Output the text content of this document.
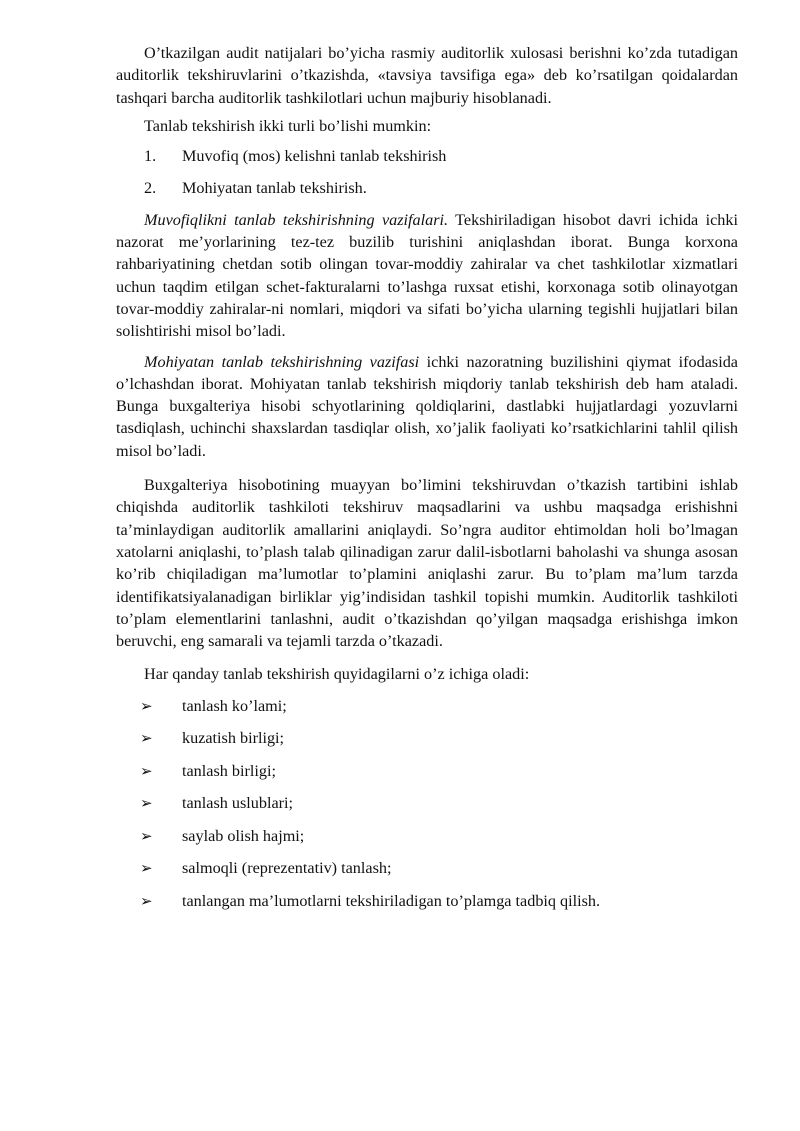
O’tkazilgan audit natijalari bo’yicha rasmiy auditorlik xulosasi berishni ko’zda tutadigan auditorlik tekshiruvlarini o’tkazishda, «tavsiya tavsifiga ega» deb ko’rsatilgan qoidalardan tashqari barcha auditorlik tashkilotlari uchun majburiy hisoblanadi.

Tanlab tekshirish ikki turli bo’lishi mumkin:

1. Muvofiq (mos) kelishni tanlab tekshirish
2. Mohiyatan tanlab tekshirish.

Muvofiqlikni tanlab tekshirishning vazifalari. Tekshiriladigan hisobot davri ichida ichki nazorat me’yorlarining tez-tez buzilib turishini aniqlashdan iborat. Bunga korxona rahbariyatining chetdan sotib olingan tovar-moddiy zahiralar va chet tashkilotlar xizmatlari uchun taqdim etilgan schet-fakturalarni to’lashga ruxsat etishi, korxonaga sotib olinayotgan tovar-moddiy zahiralar-ni nomlari, miqdori va sifati bo’yicha ularning tegishli hujjatlari bilan solishtirishi misol bo’ladi.

Mohiyatan tanlab tekshirishning vazifasi ichki nazoratning buzilishini qiymat ifodasida o’lchashdan iborat. Mohiyatan tanlab tekshirish miqdoriy tanlab tekshirish deb ham ataladi. Bunga buxgalteriya hisobi schyotlarining qoldiqlarini, dastlabki hujjatlardagi yozuvlarni tasdiqlash, uchinchi shaxslardan tasdiqlar olish, xo’jalik faoliyati ko’rsatkichlarini tahlil qilish misol bo’ladi.

Buxgalteriya hisobotining muayyan bo’limini tekshiruvdan o’tkazish tartibini ishlab chiqishda auditorlik tashkiloti tekshiruv maqsadlarini va ushbu maqsadga erishishni ta’minlaydigan auditorlik amallarini aniqlaydi. So’ngra auditor ehtimoldan holi bo’lmagan xatolarni aniqlashi, to’plash talab qilinadigan zarur dalil-isbotlarni baholashi va shunga asosan ko’rib chiqiladigan ma’lumotlar to’plamini aniqlashi zarur. Bu to’plam ma’lum tarzda identifikatsiyalanadigan birliklar yig’indisidan tashkil topishi mumkin. Auditorlik tashkiloti to’plam elementlarini tanlashni, audit o’tkazishdan qo’yilgan maqsadga erishishga imkon beruvchi, eng samarali va tejamli tarzda o’tkazadi.

Har qanday tanlab tekshirish quyidagilarni o’z ichiga oladi:

➢ tanlash ko’lami;
➢ kuzatish birligi;
➢ tanlash birligi;
➢ tanlash uslublari;
➢ saylab olish hajmi;
➢ salmoqli (reprezentativ) tanlash;
➢ tanlangan ma’lumotlarni tekshiriladigan to’plamga tadbiq qilish.
